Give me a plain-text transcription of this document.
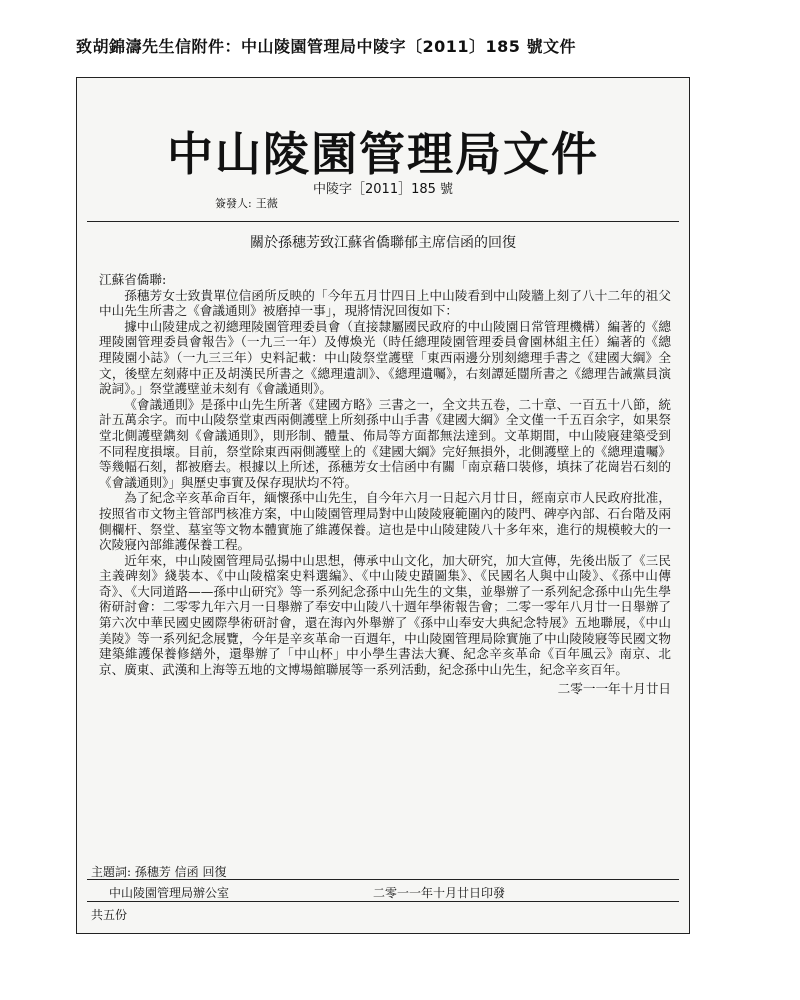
致胡錦濤先生信附件：中山陵園管理局中陵字〔2011〕185 號文件
中山陵園管理局文件
中陵字［2011］185 號
簽發人: 王薇
關於孫穗芳致江蘇省僑聯郁主席信函的回復

江蘇省僑聯:

孫穗芳女士致貴單位信函所反映的「今年五月廿四日上中山陵看到中山陵牆上刻了八十二年的祖父中山先生所書之《會議通則》被磨掉一事」，現將情況回復如下：

據中山陵建成之初總理陵園管理委員會（直接隸屬國民政府的中山陵園日常管理機構）編著的《總理陵園管理委員會報告》（一九三一年）及傅煥光（時任總理陵園管理委員會園林組主任）編著的《總理陵園小誌》（一九三三年）史料記載：中山陵祭堂護壁「東西兩邊分別刻總理手書之《建國大綱》全文，後壁左刻蔣中正及胡漢民所書之《總理遺訓》、《總理遺囑》，右刻譚延闓所書之《總理告誡黨員演說詞》。」祭堂護壁並未刻有《會議通則》。

《會議通則》是孫中山先生所著《建國方略》三書之一，全文共五卷，二十章、一百五十八節，統計五萬余字。而中山陵祭堂東西兩側護壁上所刻孫中山手書《建國大綱》全文僅一千五百余字，如果祭堂北側護壁鐫刻《會議通則》，則形制、體量、佈局等方面都無法達到。文革期間，中山陵寢建築受到不同程度損壞。目前，祭堂除東西兩側護壁上的《建國大綱》完好無損外，北側護壁上的《總理遺囑》等幾幅石刻，都被磨去。根據以上所述，孫穗芳女士信函中有關「南京藉口裝修，填抹了花崗岩石刻的《會議通則》」與歷史事實及保存現狀均不符。

為了紀念辛亥革命百年，緬懷孫中山先生，自今年六月一日起六月廿日，經南京市人民政府批准，按照省市文物主管部門核准方案，中山陵園管理局對中山陵陵寢範圍內的陵門、碑亭內部、石台階及兩側欄杆、祭堂、墓室等文物本體實施了維護保養。這也是中山陵建陵八十多年來，進行的規模較大的一次陵寢內部維護保養工程。

近年來，中山陵園管理局弘揚中山思想，傳承中山文化，加大研究，加大宣傳，先後出版了《三民主義碑刻》綫裝本、《中山陵檔案史料選編》、《中山陵史蹟圖集》、《民國名人與中山陵》、《孫中山傳奇》、《大同道路——孫中山研究》等一系列紀念孫中山先生的文集，並舉辦了一系列紀念孫中山先生學術研討會：二零零九年六月一日舉辦了奉安中山陵八十週年學術報告會；二零一零年八月廿一日舉辦了第六次中華民國史國際學術研討會，還在海內外舉辦了《孫中山奉安大典紀念特展》五地聯展，《中山美陵》等一系列紀念展覽，今年是辛亥革命一百週年，中山陵園管理局除實施了中山陵陵寢等民國文物建築維護保養修繕外，還舉辦了「中山杯」中小學生書法大賽、紀念辛亥革命《百年風云》南京、北京、廣東、武漢和上海等五地的文博場館聯展等一系列活動，紀念孫中山先生，紀念辛亥百年。

二零一一年十月廿日

主題詞: 孫穗芳 信函 回復
中山陵園管理局辦公室	二零一一年十月廿日印發
共五份
